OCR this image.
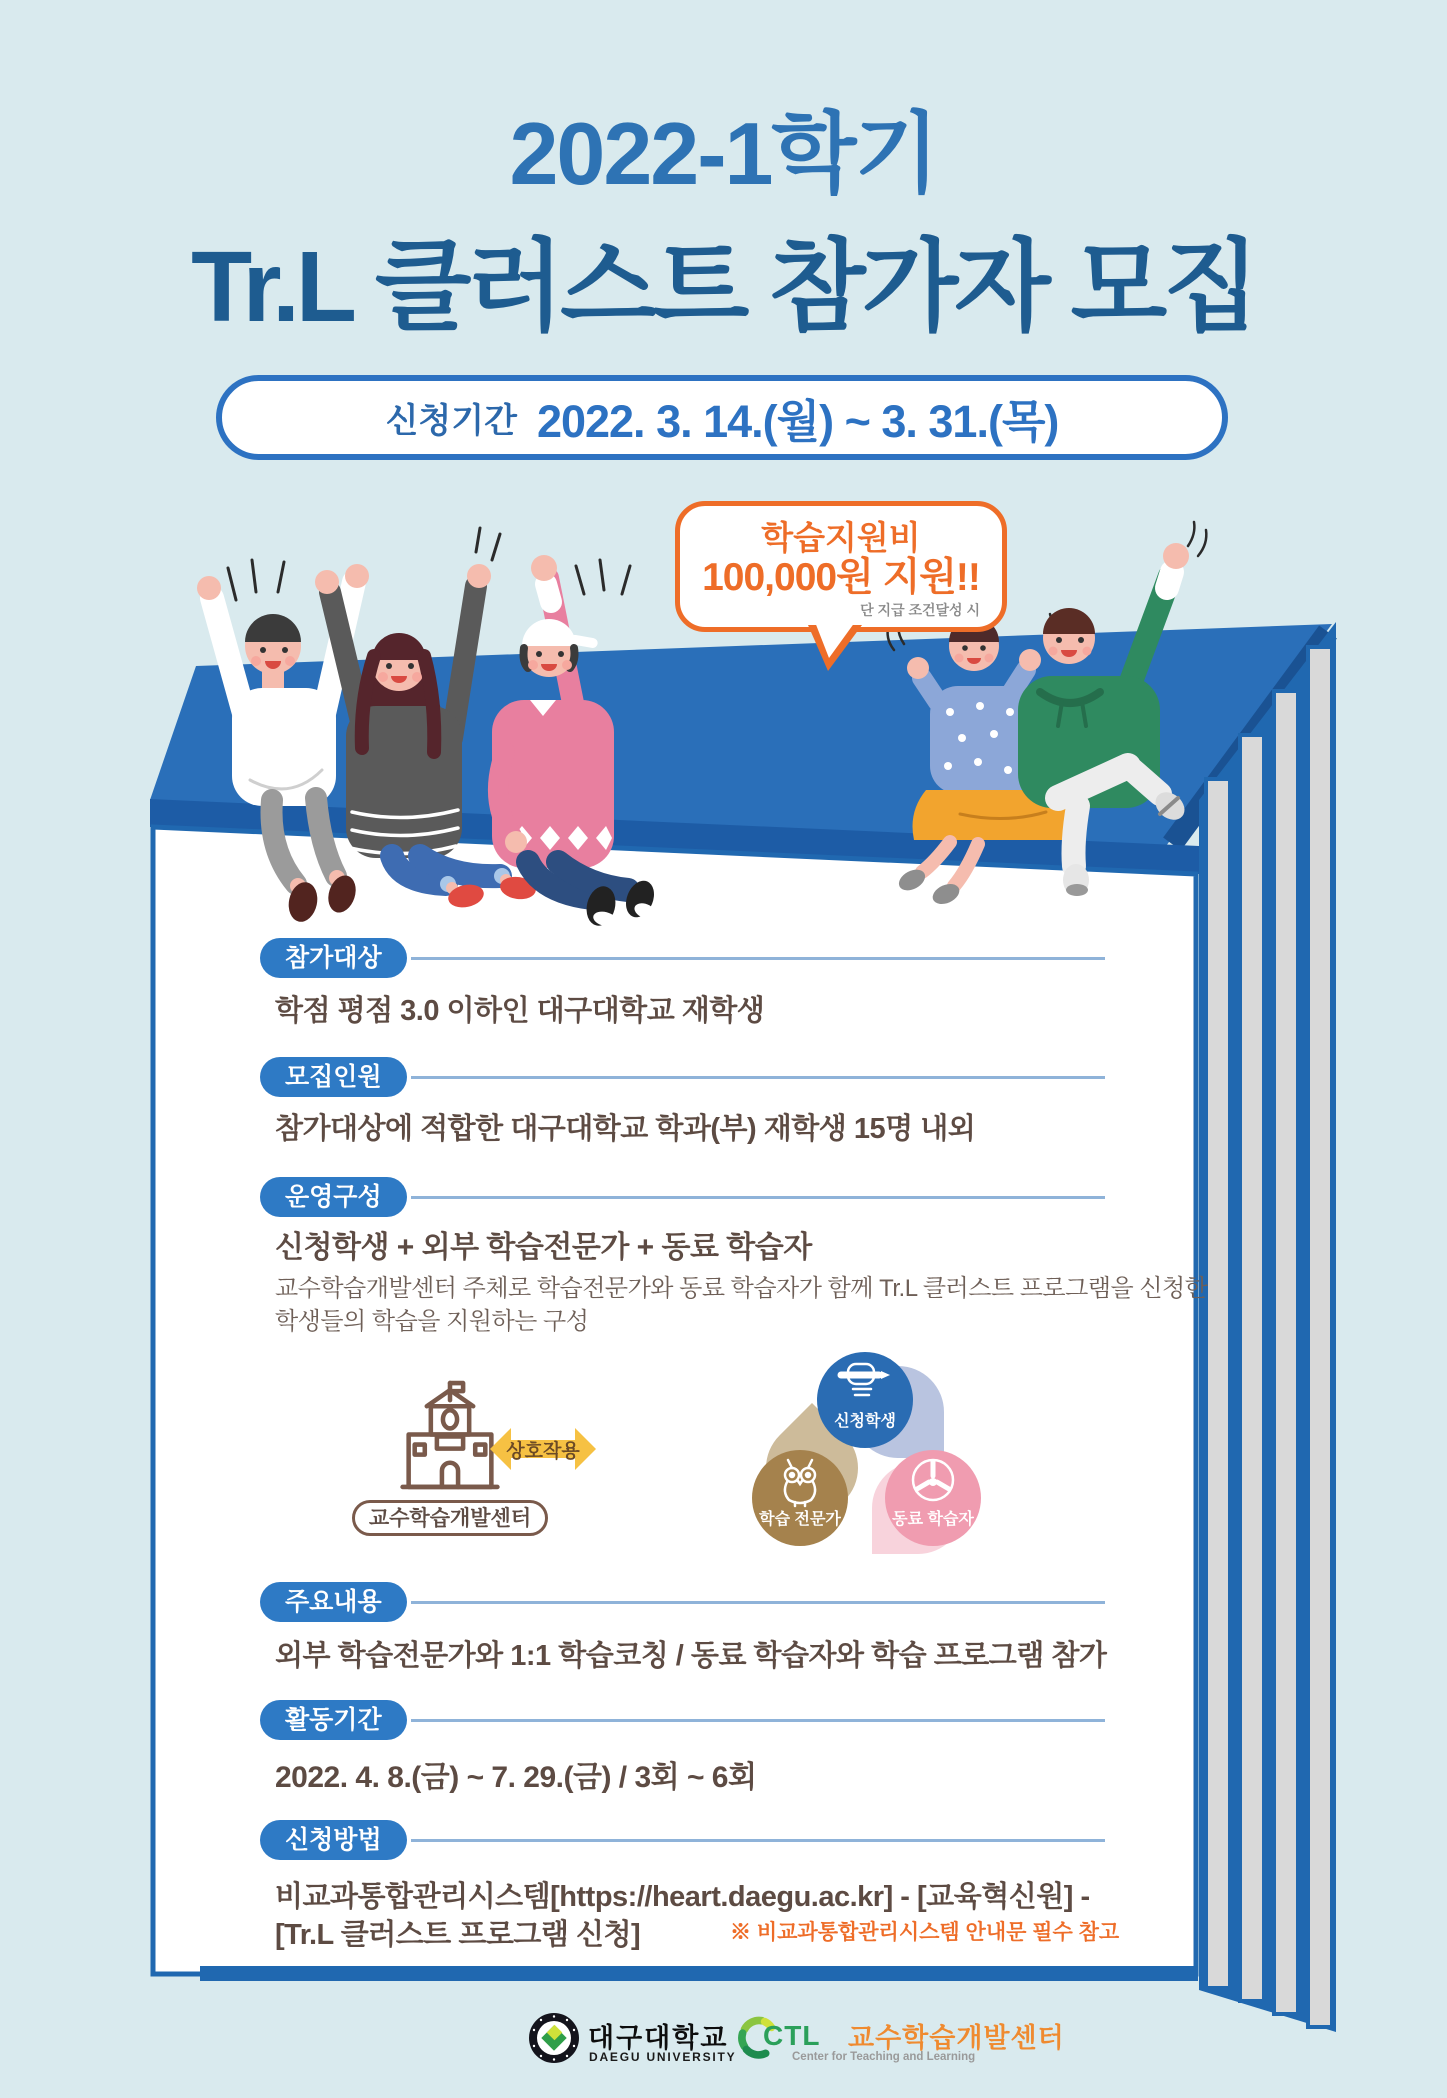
2022-1학기
Tr.L 클러스트 참가자 모집
신청기간 2022. 3. 14.(월) ~ 3. 31.(목)
학습지원비
100,000원 지원!!
단 지급 조건달성 시
참가대상
학점 평점 3.0 이하인 대구대학교 재학생
모집인원
참가대상에 적합한 대구대학교 학과(부) 재학생 15명 내외
운영구성
신청학생 + 외부 학습전문가 + 동료 학습자
교수학습개발센터 주체로 학습전문가와 동료 학습자가 함께 Tr.L 클러스트 프로그램을 신청한
학생들의 학습을 지원하는 구성
교수학습개발센터
상호작용
신청학생
학습 전문가	동료 학습자
주요내용
외부 학습전문가와 1:1 학습코칭 / 동료 학습자와 학습 프로그램 참가
활동기간
2022. 4. 8.(금) ~ 7. 29.(금) / 3회 ~ 6회
신청방법
비교과통합관리시스템[https://heart.daegu.ac.kr] - [교육혁신원] -
[Tr.L 클러스트 프로그램 신청]	※ 비교과통합관리시스템 안내문 필수 참고
대구대학교
DAEGU UNIVERSITY
CTL 교수학습개발센터
Center for Teaching and Learning
